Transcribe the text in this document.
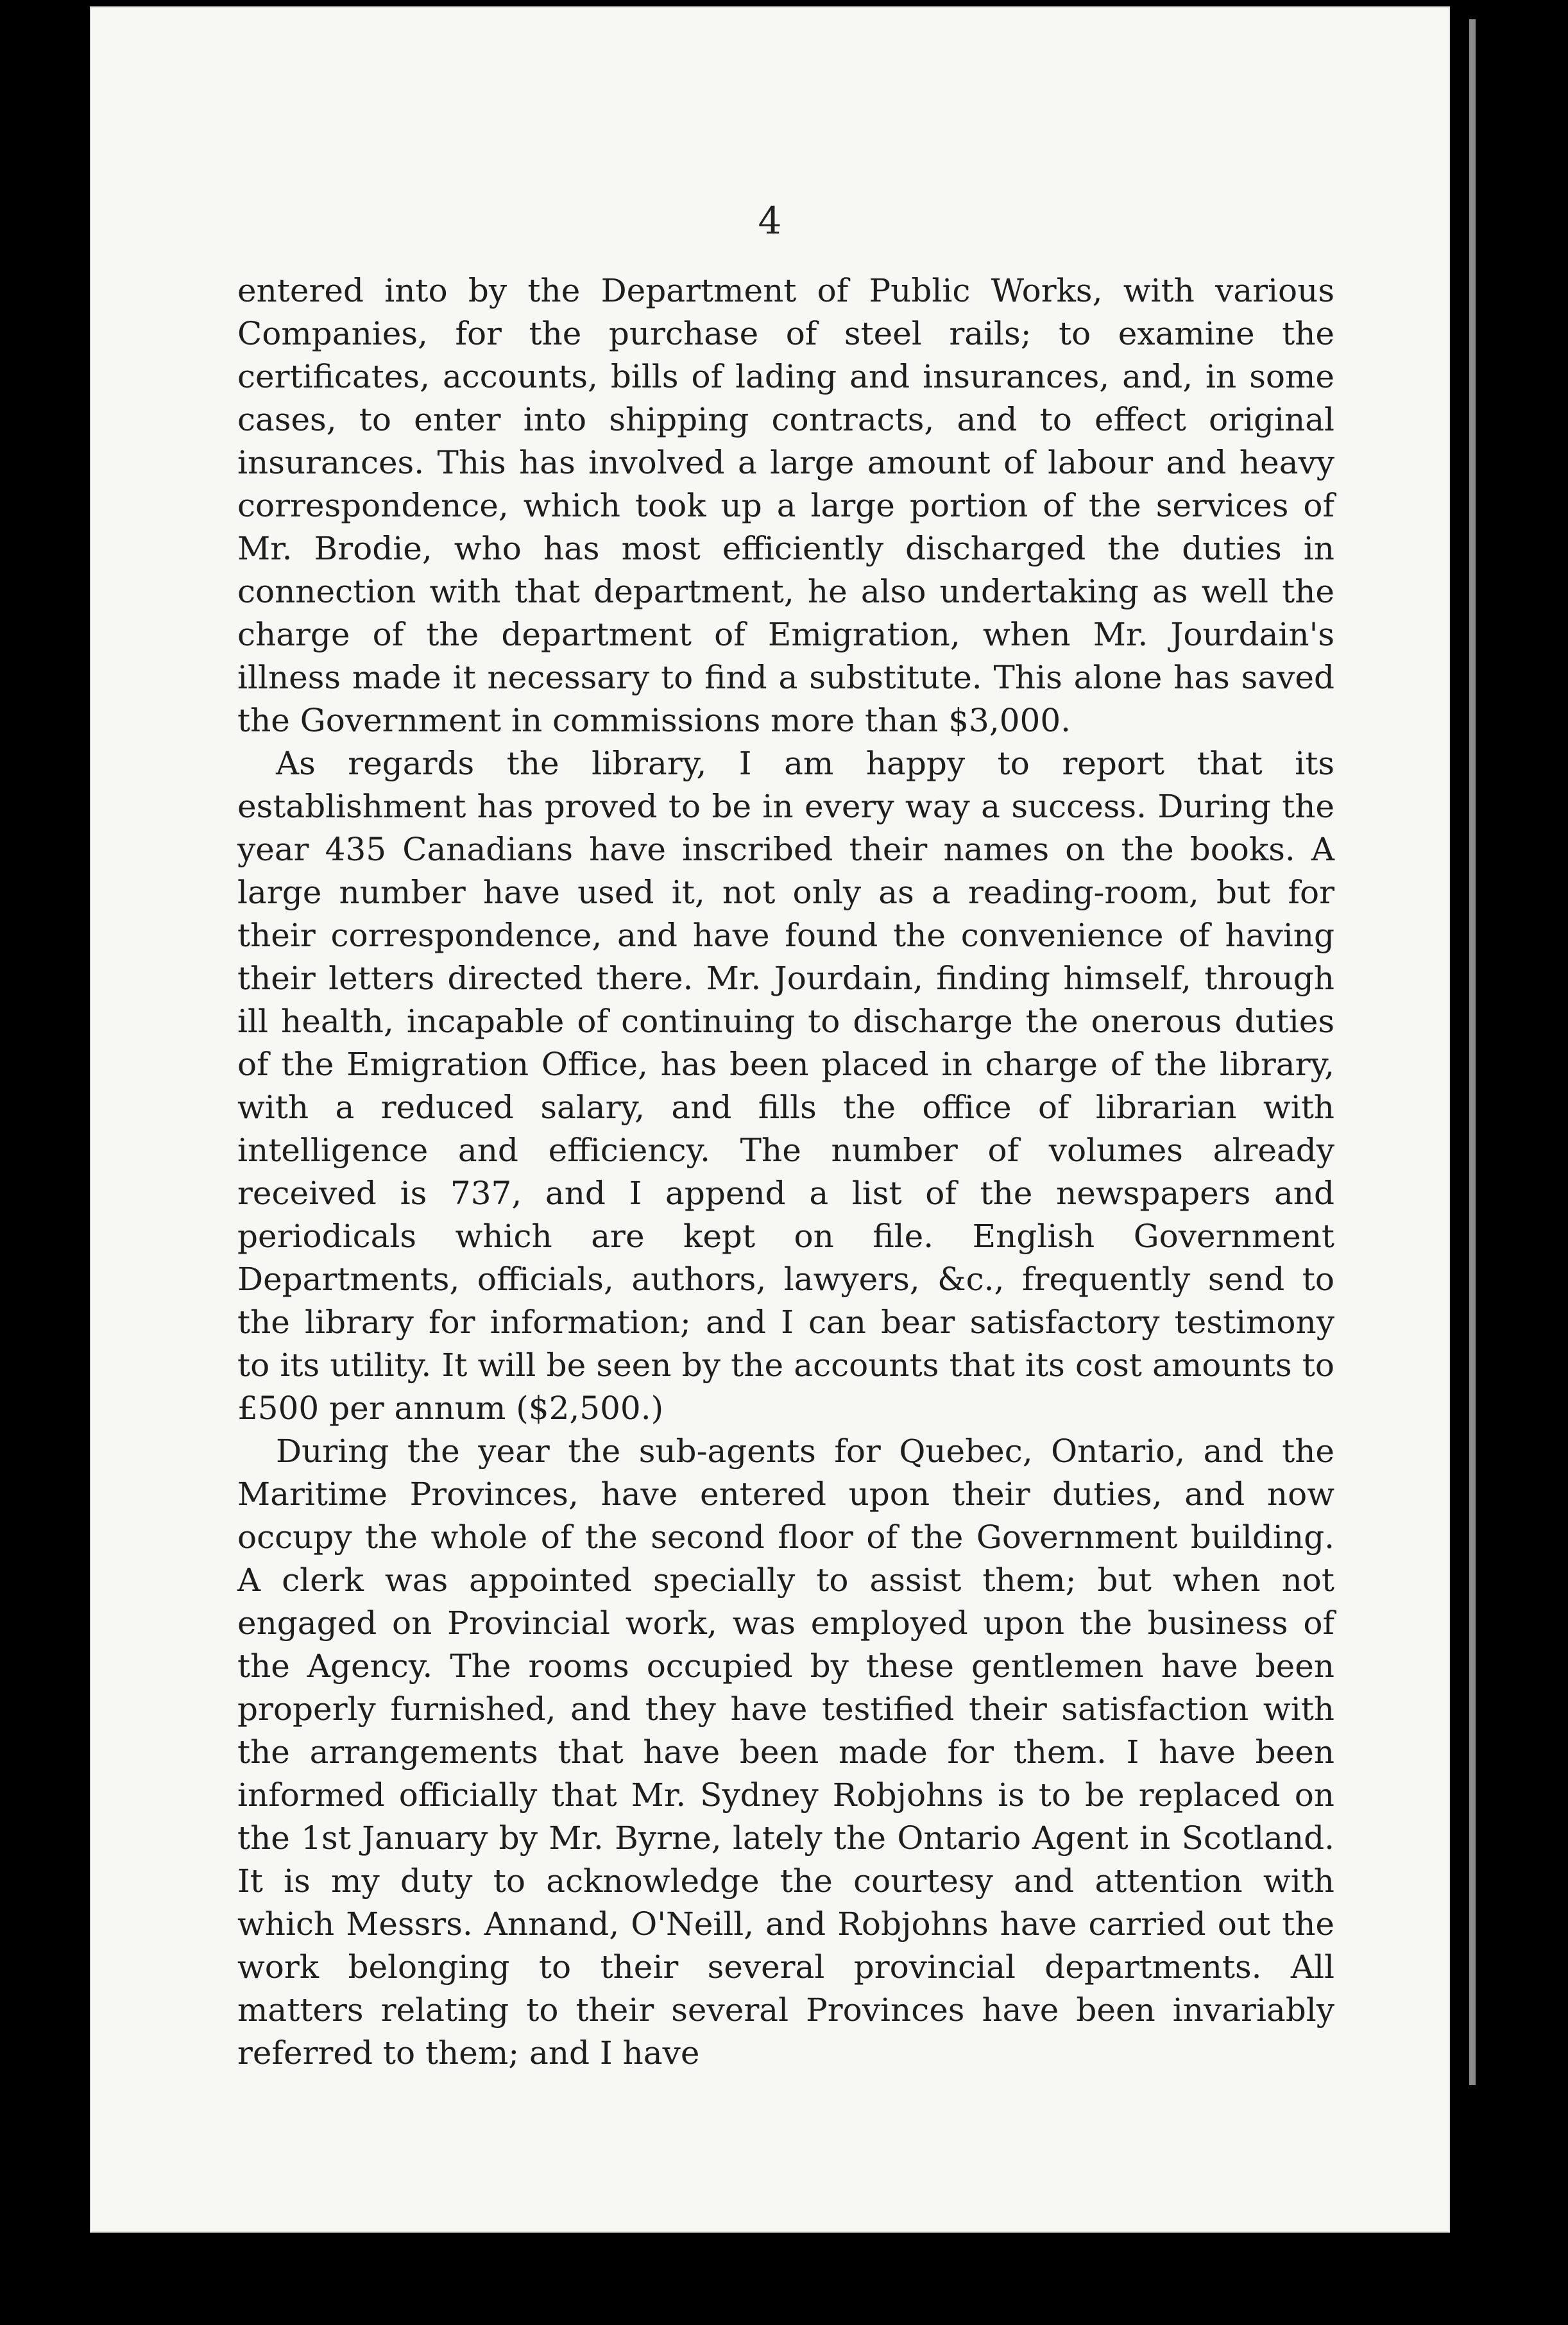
4

entered into by the Department of Public Works, with various Companies, for the purchase of steel rails; to examine the certificates, accounts, bills of lading and insurances, and, in some cases, to enter into shipping contracts, and to effect original insurances. This has involved a large amount of labour and heavy correspondence, which took up a large portion of the services of Mr. Brodie, who has most efficiently discharged the duties in connection with that department, he also undertaking as well the charge of the department of Emigration, when Mr. Jourdain's illness made it necessary to find a substitute. This alone has saved the Government in commissions more than $3,000.

As regards the library, I am happy to report that its establishment has proved to be in every way a success. During the year 435 Canadians have inscribed their names on the books. A large number have used it, not only as a reading-room, but for their correspondence, and have found the convenience of having their letters directed there. Mr. Jourdain, finding himself, through ill health, incapable of continuing to discharge the onerous duties of the Emigration Office, has been placed in charge of the library, with a reduced salary, and fills the office of librarian with intelligence and efficiency. The number of volumes already received is 737, and I append a list of the newspapers and periodicals which are kept on file. English Government Departments, officials, authors, lawyers, &c., frequently send to the library for information; and I can bear satisfactory testimony to its utility. It will be seen by the accounts that its cost amounts to £500 per annum ($2,500.)

During the year the sub-agents for Quebec, Ontario, and the Maritime Provinces, have entered upon their duties, and now occupy the whole of the second floor of the Government building. A clerk was appointed specially to assist them; but when not engaged on Provincial work, was employed upon the business of the Agency. The rooms occupied by these gentlemen have been properly furnished, and they have testified their satisfaction with the arrangements that have been made for them. I have been informed officially that Mr. Sydney Robjohns is to be replaced on the 1st January by Mr. Byrne, lately the Ontario Agent in Scotland. It is my duty to acknowledge the courtesy and attention with which Messrs. Annand, O'Neill, and Robjohns have carried out the work belonging to their several provincial departments. All matters relating to their several Provinces have been invariably referred to them; and I have
